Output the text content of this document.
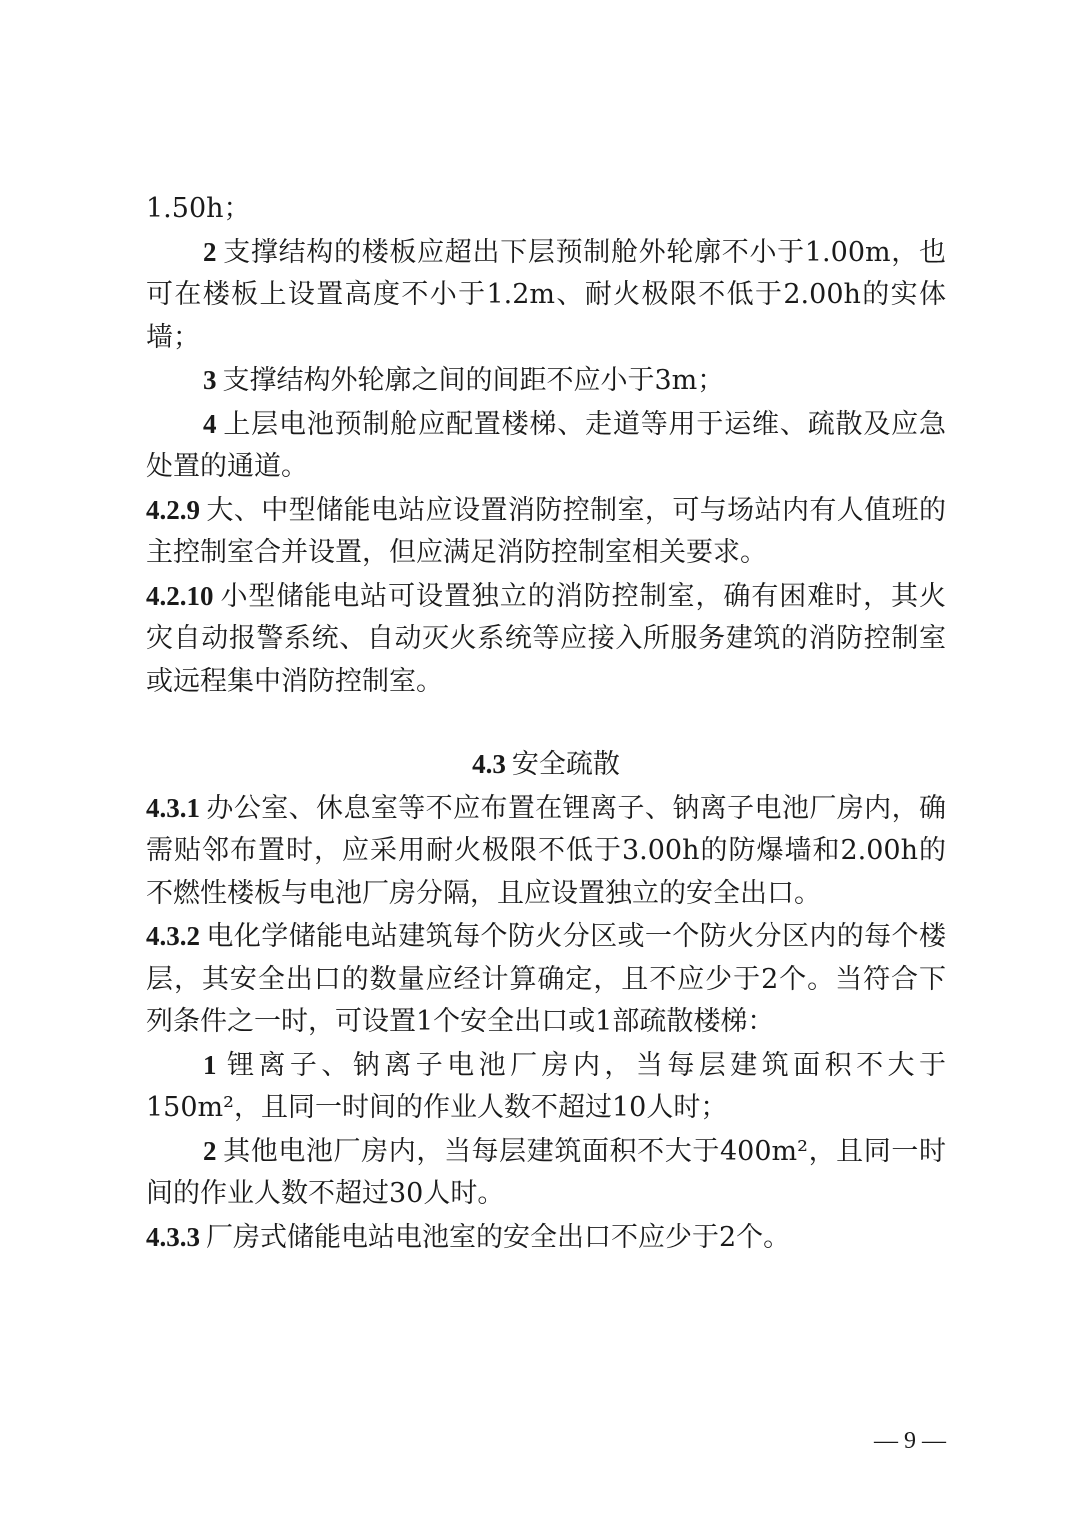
1.50h；

2 支撑结构的楼板应超出下层预制舱外轮廓不小于1.00m，也可在楼板上设置高度不小于1.2m、耐火极限不低于2.00h的实体墙；

3 支撑结构外轮廓之间的间距不应小于3m；

4 上层电池预制舱应配置楼梯、走道等用于运维、疏散及应急处置的通道。

4.2.9 大、中型储能电站应设置消防控制室，可与场站内有人值班的主控制室合并设置，但应满足消防控制室相关要求。

4.2.10 小型储能电站可设置独立的消防控制室，确有困难时，其火灾自动报警系统、自动灭火系统等应接入所服务建筑的消防控制室或远程集中消防控制室。

4.3 安全疏散

4.3.1 办公室、休息室等不应布置在锂离子、钠离子电池厂房内，确需贴邻布置时，应采用耐火极限不低于3.00h的防爆墙和2.00h的不燃性楼板与电池厂房分隔，且应设置独立的安全出口。

4.3.2 电化学储能电站建筑每个防火分区或一个防火分区内的每个楼层，其安全出口的数量应经计算确定，且不应少于2个。当符合下列条件之一时，可设置1个安全出口或1部疏散楼梯：

1 锂离子、钠离子电池厂房内，当每层建筑面积不大于150m²，且同一时间的作业人数不超过10人时；

2 其他电池厂房内，当每层建筑面积不大于400m²，且同一时间的作业人数不超过30人时。

4.3.3 厂房式储能电站电池室的安全出口不应少于2个。

— 9 —
